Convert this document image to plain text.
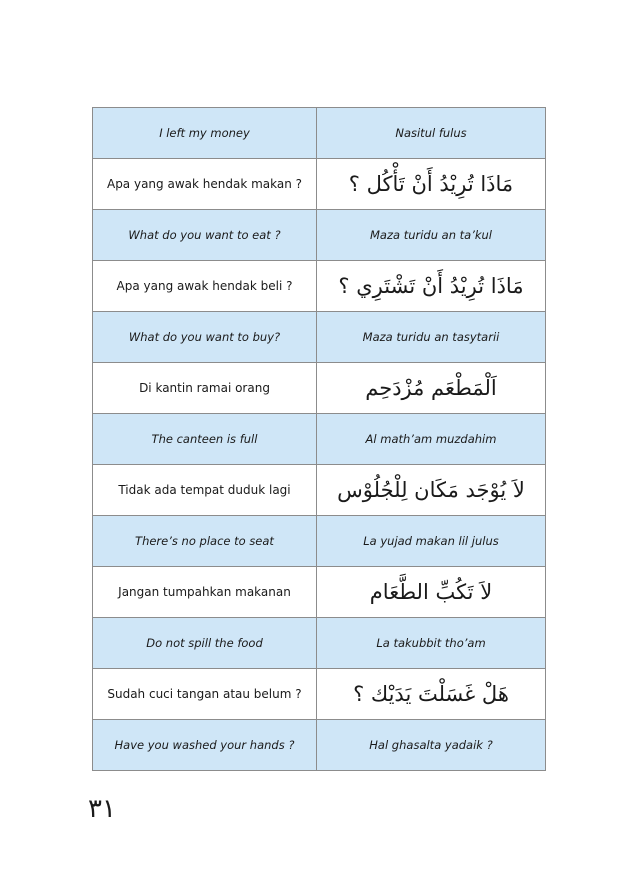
I left my money	Nasitul fulus
Apa yang awak hendak makan ?	مَاذَا تُرِيْدُ أَنْ تَأْكُل ؟
What do you want to eat ?	Maza turidu an ta’kul
Apa yang awak hendak beli ?	مَاذَا تُرِيْدُ أَنْ تَشْتَرِي ؟
What do you want to buy?	Maza turidu an tasytarii
Di kantin ramai orang	اَلْمَطْعَم مُزْدَحِم
The canteen is full	Al math’am muzdahim
Tidak ada tempat duduk lagi	لاَ يُوْجَد مَكَان لِلْجُلُوْس
There’s no place to seat	La yujad makan lil julus
Jangan tumpahkan makanan	لاَ تَكُبِّ الطَّعَام
Do not spill the food	La takubbit tho’am
Sudah cuci tangan atau belum ?	هَلْ غَسَلْتَ يَدَيْك ؟
Have you washed your hands ?	Hal ghasalta yadaik ?
٣١
